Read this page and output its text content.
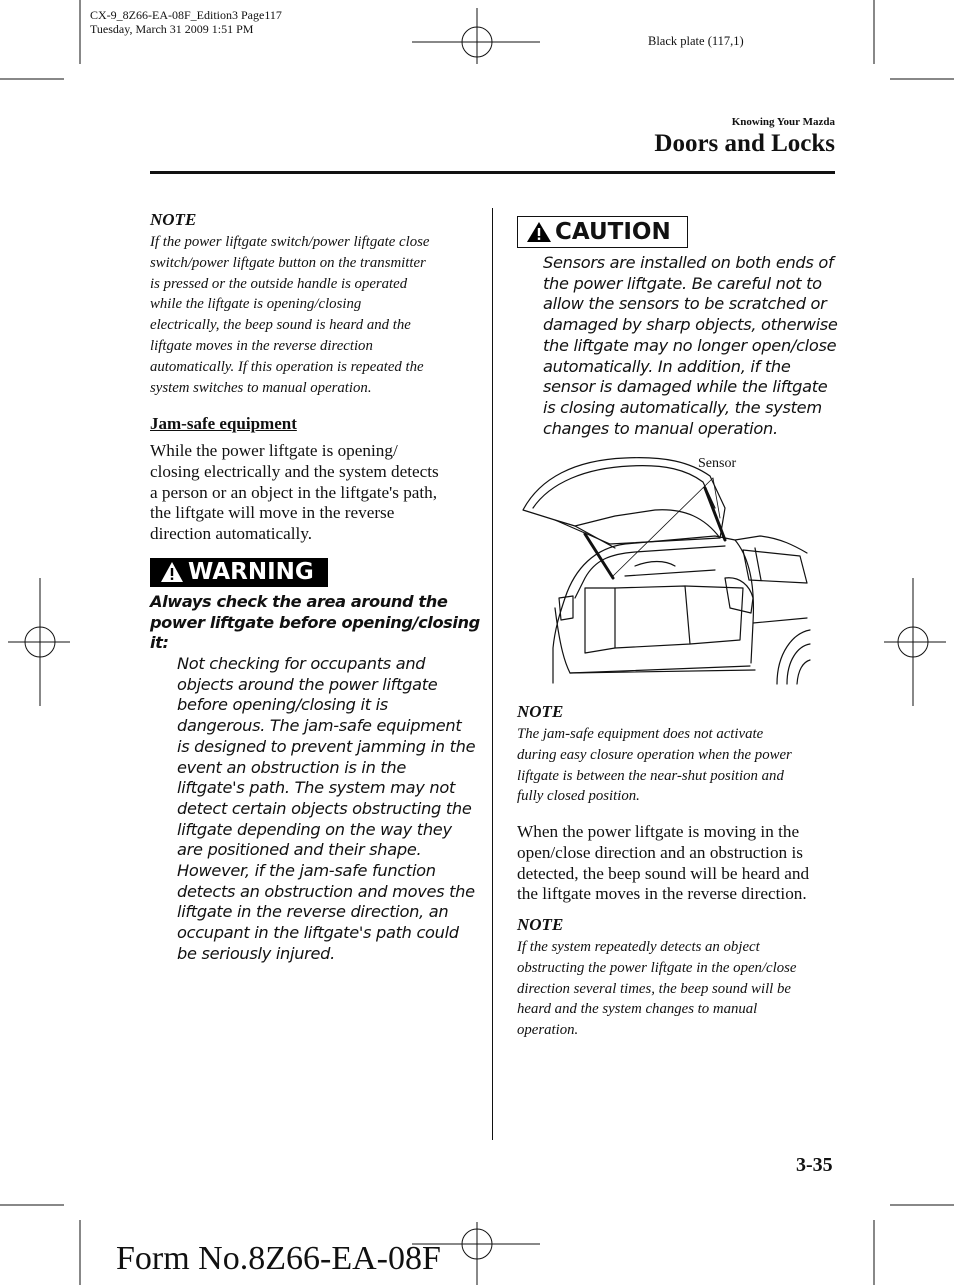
CX-9_8Z66-EA-08F_Edition3 Page117
Tuesday, March 31 2009 1:51 PM
Black plate (117,1)
Knowing Your Mazda
Doors and Locks
NOTE
If the power liftgate switch/power liftgate close
switch/power liftgate button on the transmitter
is pressed or the outside handle is operated
while the liftgate is opening/closing
electrically, the beep sound is heard and the
liftgate moves in the reverse direction
automatically. If this operation is repeated the
system switches to manual operation.
Jam-safe equipment
While the power liftgate is opening/
closing electrically and the system detects
a person or an object in the liftgate's path,
the liftgate will move in the reverse
direction automatically.
WARNING
Always check the area around the
power liftgate before opening/closing
it:
Not checking for occupants and
objects around the power liftgate
before opening/closing it is
dangerous. The jam-safe equipment
is designed to prevent jamming in the
event an obstruction is in the
liftgate's path. The system may not
detect certain objects obstructing the
liftgate depending on the way they
are positioned and their shape.
However, if the jam-safe function
detects an obstruction and moves the
liftgate in the reverse direction, an
occupant in the liftgate's path could
be seriously injured.
CAUTION
Sensors are installed on both ends of
the power liftgate. Be careful not to
allow the sensors to be scratched or
damaged by sharp objects, otherwise
the liftgate may no longer open/close
automatically. In addition, if the
sensor is damaged while the liftgate
is closing automatically, the system
changes to manual operation.
Sensor
NOTE
The jam-safe equipment does not activate
during easy closure operation when the power
liftgate is between the near-shut position and
fully closed position.
When the power liftgate is moving in the
open/close direction and an obstruction is
detected, the beep sound will be heard and
the liftgate moves in the reverse direction.
NOTE
If the system repeatedly detects an object
obstructing the power liftgate in the open/close
direction several times, the beep sound will be
heard and the system changes to manual
operation.
3-35
Form No.8Z66-EA-08F
